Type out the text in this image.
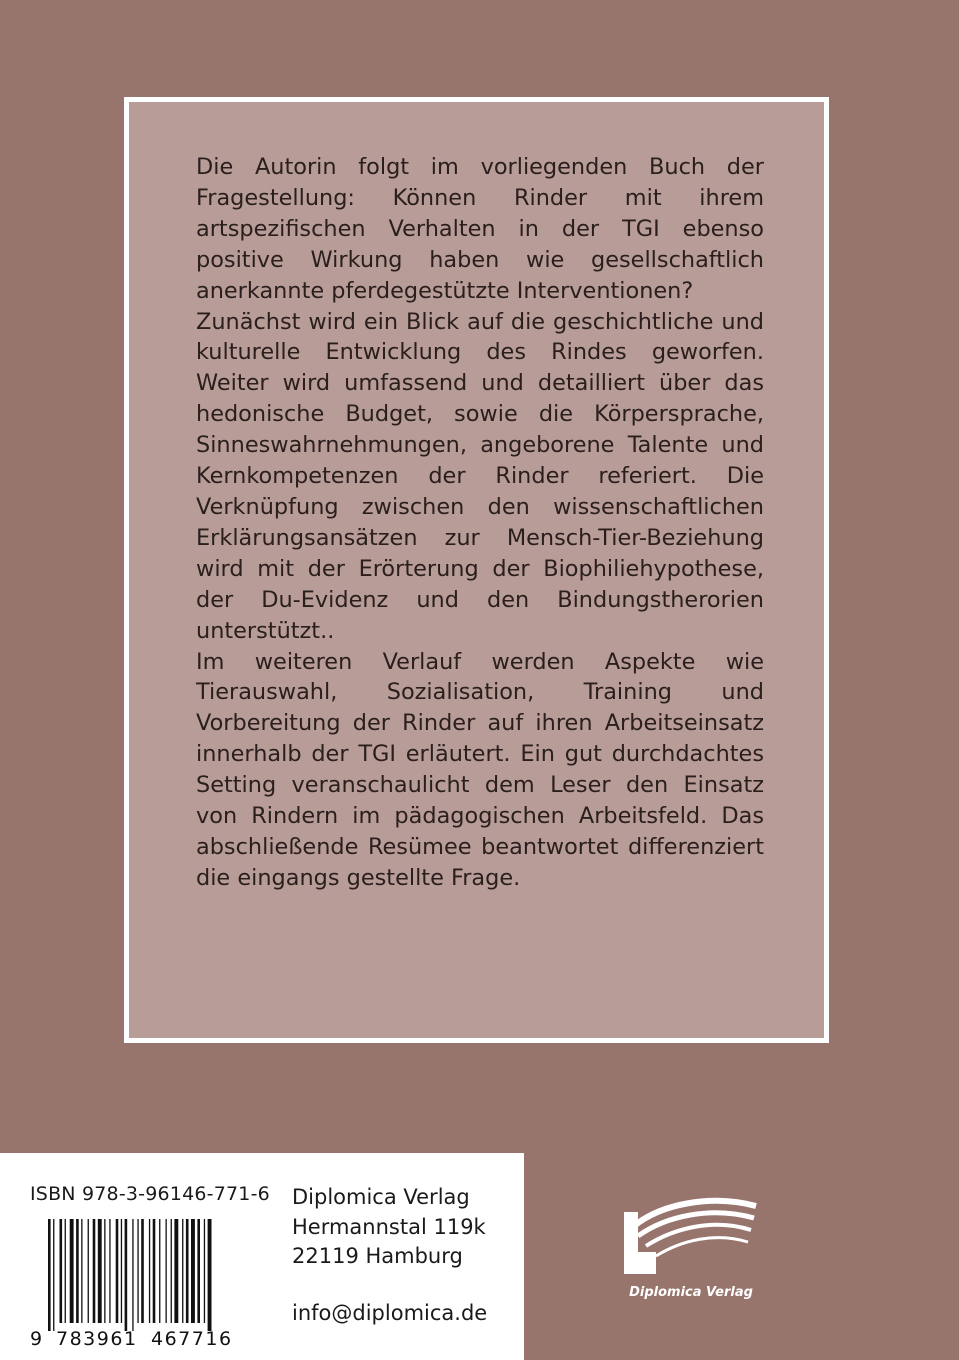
Die Autorin folgt im vorliegenden Buch der Fragestellung: Können Rinder mit ihrem artspezifischen Verhalten in der TGI ebenso positive Wirkung haben wie gesellschaftlich anerkannte pferdegestützte Interventionen?

Zunächst wird ein Blick auf die geschichtliche und kulturelle Entwicklung des Rindes geworfen. Weiter wird umfassend und detailliert über das hedonische Budget, sowie die Körpersprache, Sinneswahrnehmungen, angeborene Talente und Kernkompetenzen der Rinder referiert. Die Verknüpfung zwischen den wissenschaftlichen Erklärungsansätzen zur Mensch-Tier-Beziehung wird mit der Erörterung der Biophiliehypothese, der Du-Evidenz und den Bindungstherorien unterstützt..

Im weiteren Verlauf werden Aspekte wie Tierauswahl, Sozialisation, Training und Vorbereitung der Rinder auf ihren Arbeitseinsatz innerhalb der TGI erläutert. Ein gut durchdachtes Setting veranschaulicht dem Leser den Einsatz von Rindern im pädagogischen Arbeitsfeld. Das abschließende Resümee beantwortet differenziert die eingangs gestellte Frage.

ISBN 978-3-96146-771-6
9 783961 467716
Diplomica Verlag
Hermannstal 119k
22119 Hamburg
info@diplomica.de
Diplomica Verlag
